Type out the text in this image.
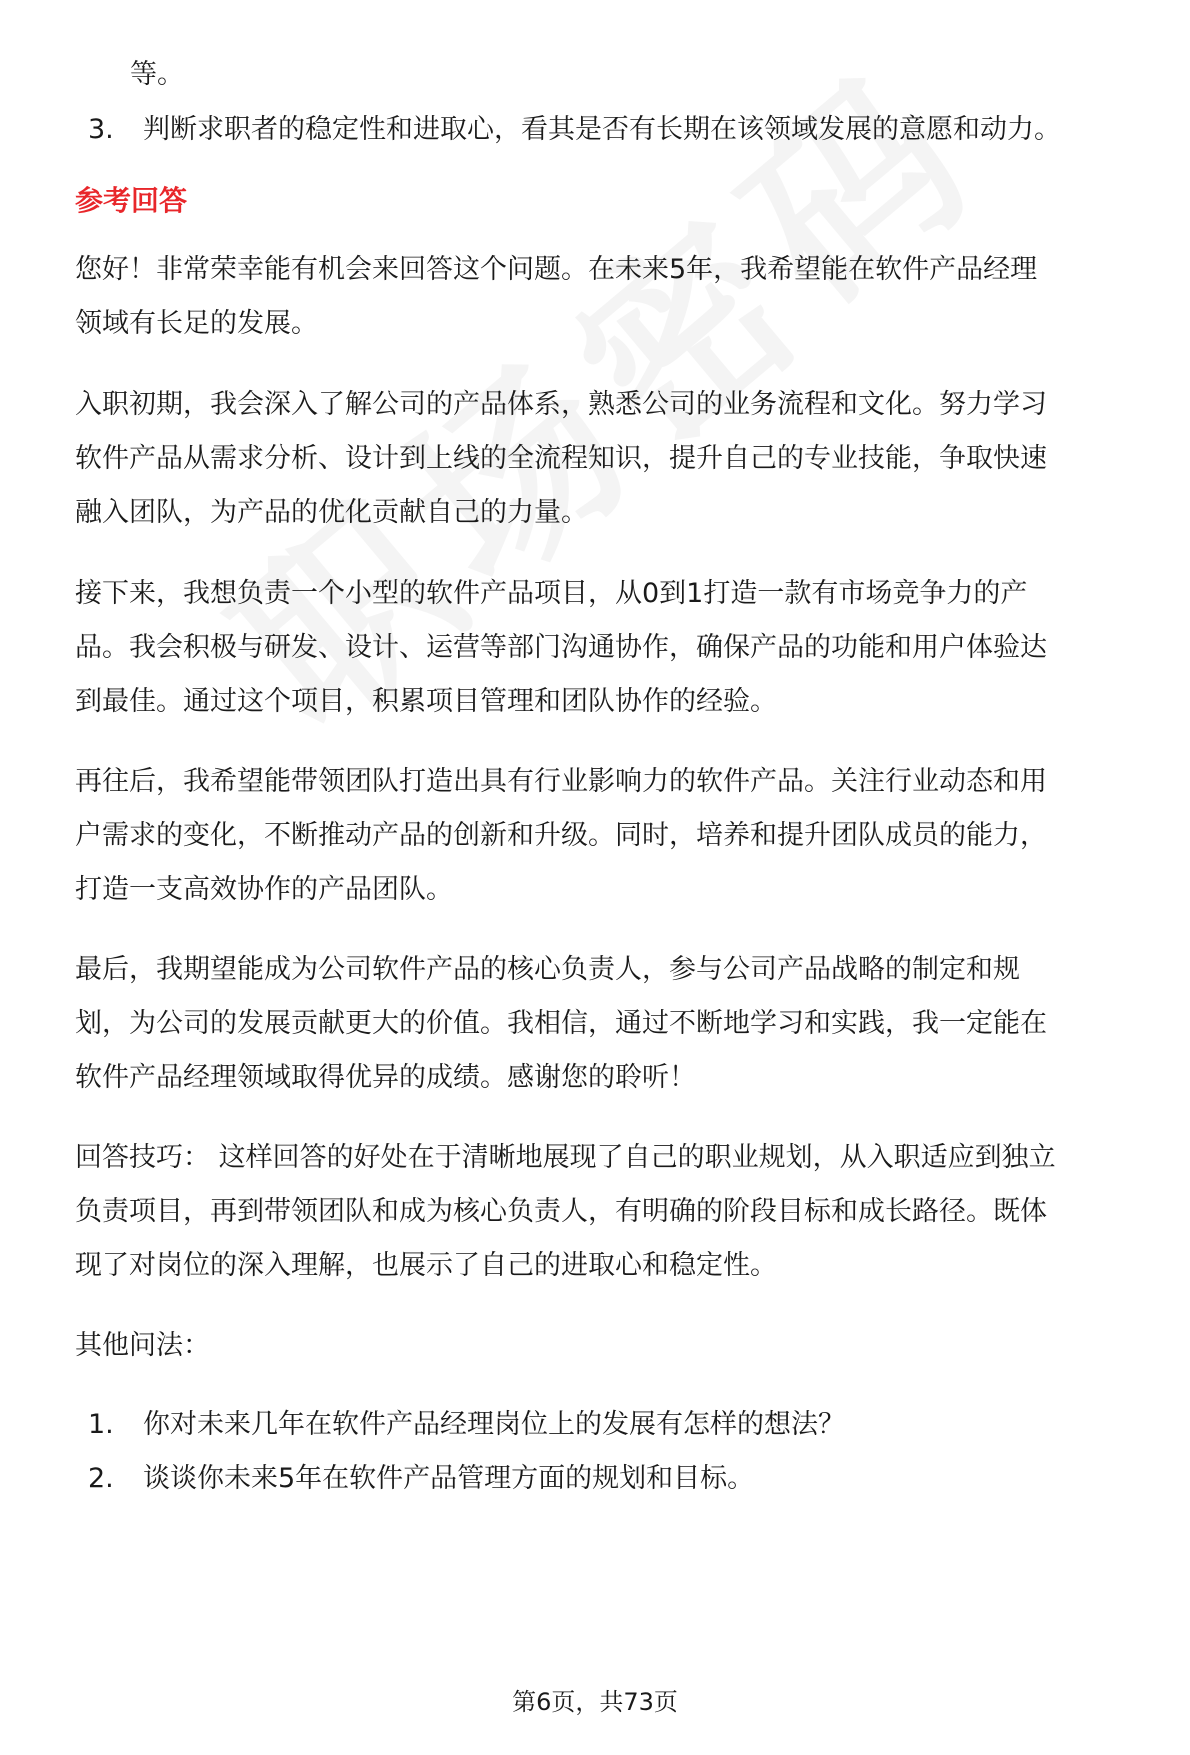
等。
3. 判断求职者的稳定性和进取心，看其是否有长期在该领域发展的意愿和动力。
参考回答
您好！非常荣幸能有机会来回答这个问题。在未来5年，我希望能在软件产品经理
领域有长足的发展。
入职初期，我会深入了解公司的产品体系，熟悉公司的业务流程和文化。努力学习
软件产品从需求分析、设计到上线的全流程知识，提升自己的专业技能，争取快速
融入团队，为产品的优化贡献自己的力量。
接下来，我想负责一个小型的软件产品项目，从0到1打造一款有市场竞争力的产
品。我会积极与研发、设计、运营等部门沟通协作，确保产品的功能和用户体验达
到最佳。通过这个项目，积累项目管理和团队协作的经验。
再往后，我希望能带领团队打造出具有行业影响力的软件产品。关注行业动态和用
户需求的变化，不断推动产品的创新和升级。同时，培养和提升团队成员的能力，
打造一支高效协作的产品团队。
最后，我期望能成为公司软件产品的核心负责人，参与公司产品战略的制定和规
划，为公司的发展贡献更大的价值。我相信，通过不断地学习和实践，我一定能在
软件产品经理领域取得优异的成绩。感谢您的聆听！
回答技巧： 这样回答的好处在于清晰地展现了自己的职业规划，从入职适应到独立
负责项目，再到带领团队和成为核心负责人，有明确的阶段目标和成长路径。既体
现了对岗位的深入理解，也展示了自己的进取心和稳定性。
其他问法：
1. 你对未来几年在软件产品经理岗位上的发展有怎样的想法？
2. 谈谈你未来5年在软件产品管理方面的规划和目标。
第6页，共73页
